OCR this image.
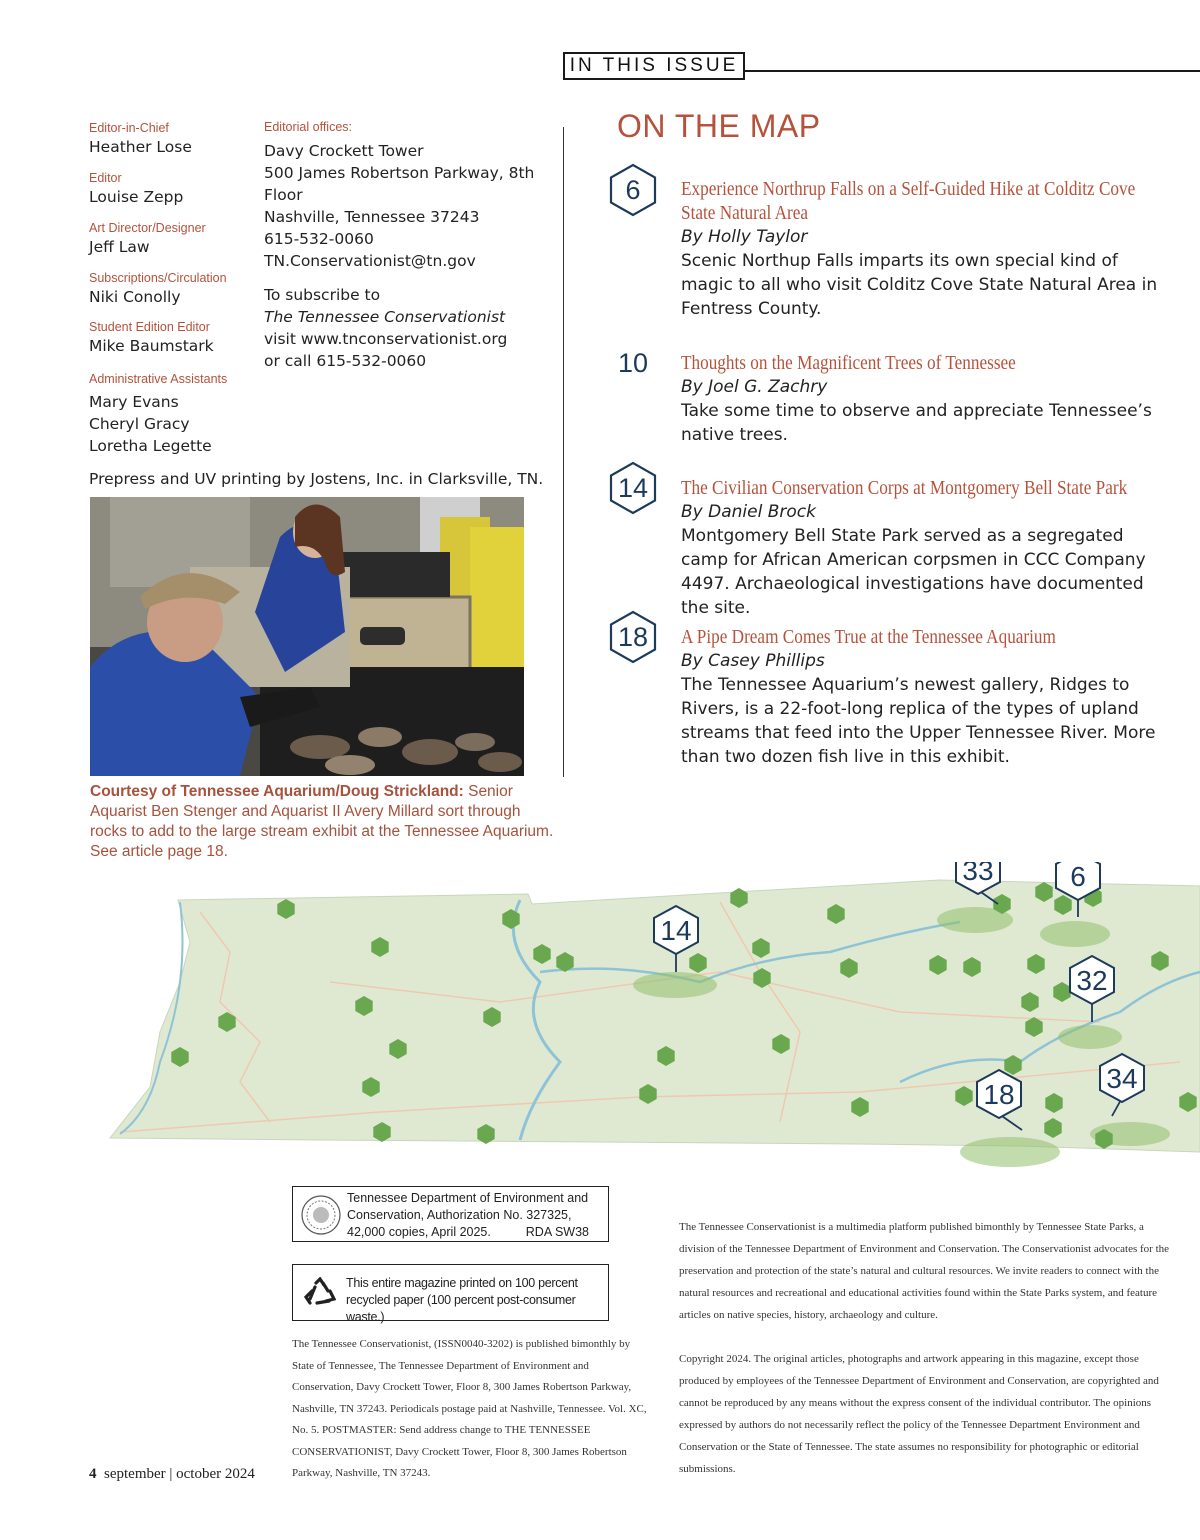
IN THIS ISSUE
Editor-in-Chief
Heather Lose
Editor
Louise Zepp
Art Director/Designer
Jeff Law
Subscriptions/Circulation
Niki Conolly
Student Edition Editor
Mike Baumstark
Administrative Assistants
Mary Evans
Cheryl Gracy
Loretha Legette
Editorial offices:
Davy Crockett Tower
500 James Robertson Parkway, 8th Floor
Nashville, Tennessee 37243
615-532-0060
TN.Conservationist@tn.gov
To subscribe to
The Tennessee Conservationist
visit www.tnconservationist.org
or call 615-532-0060
Prepress and UV printing by Jostens, Inc. in Clarksville, TN.
Courtesy of Tennessee Aquarium/Doug Strickland: Senior Aquarist Ben Stenger and Aquarist II Avery Millard sort through rocks to add to the large stream exhibit at the Tennessee Aquarium. See article page 18.
ON THE MAP
6	Experience Northrup Falls on a Self-Guided Hike at Colditz Cove State Natural Area
By Holly Taylor
Scenic Northup Falls imparts its own special kind of magic to all who visit Colditz Cove State Natural Area in Fentress County.
10	Thoughts on the Magnificent Trees of Tennessee
By Joel G. Zachry
Take some time to observe and appreciate Tennessee’s native trees.
14	The Civilian Conservation Corps at Montgomery Bell State Park
By Daniel Brock
Montgomery Bell State Park served as a segregated camp for African American corpsmen in CCC Company 4497. Archaeological investigations have documented the site.
18	A Pipe Dream Comes True at the Tennessee Aquarium
By Casey Phillips
The Tennessee Aquarium’s newest gallery, Ridges to Rivers, is a 22-foot-long replica of the types of upland streams that feed into the Upper Tennessee River. More than two dozen fish live in this exhibit.
14
33	6
32
18
34
Tennessee Department of Environment and Conservation, Authorization No. 327325, 42,000 copies, April 2025.	RDA SW38
This entire magazine printed on 100 percent recycled paper (100 percent post-consumer waste.)
The Tennessee Conservationist, (ISSN0040-3202) is published bimonthly by State of Tennessee, The Tennessee Department of Environment and Conservation, Davy Crockett Tower, Floor 8, 300 James Robertson Parkway, Nashville, TN 37243. Periodicals postage paid at Nashville, Tennessee. Vol. XC, No. 5. POSTMASTER: Send address change to THE TENNESSEE CONSERVATIONIST, Davy Crockett Tower, Floor 8, 300 James Robertson Parkway, Nashville, TN 37243.
The Tennessee Conservationist is a multimedia platform published bimonthly by Tennessee State Parks, a division of the Tennessee Department of Environment and Conservation. The Conservationist advocates for the preservation and protection of the state’s natural and cultural resources. We invite readers to connect with the natural resources and recreational and educational activities found within the State Parks system, and feature articles on native species, history, archaeology and culture.
Copyright 2024. The original articles, photographs and artwork appearing in this magazine, except those produced by employees of the Tennessee Department of Environment and Conservation, are copyrighted and cannot be reproduced by any means without the express consent of the individual contributor. The opinions expressed by authors do not necessarily reflect the policy of the Tennessee Department Environment and Conservation or the State of Tennessee. The state assumes no responsibility for photographic or editorial submissions.
4 september | october 2024
